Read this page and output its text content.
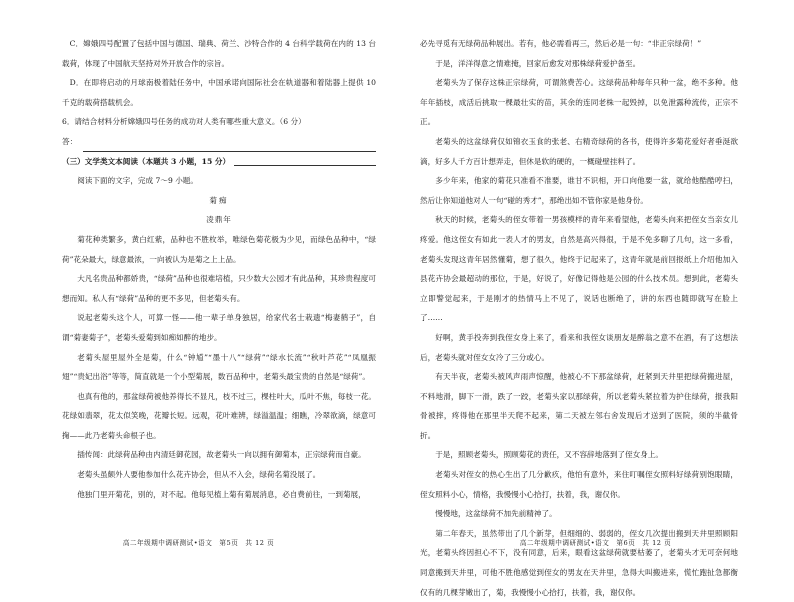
C．嫦娥四号配置了包括中国与德国、瑞典、荷兰、沙特合作的 4 台科学载荷在内的 13 台载荷，体现了中国航天坚持对外开放合作的宗旨。

D．在即将启动的月球南极着陆任务中，中国承诺向国际社会在轨道器和着陆器上提供 10 千克的载荷搭载机会。

6．请结合材料分析嫦娥四号任务的成功对人类有哪些重大意义。（6 分）

答：
（三）文学类文本阅读（本题共 3 小题，15 分）

阅读下面的文字，完成 7～9 小题。

菊痴

凌鼎年

菊花种类繁多，黄白红紫，品种也不胜枚举，唯绿色菊花极为少见，而绿色品种中，“绿荷”花朵最大，绿意最浓，一向被认为是菊之上上品。

大凡名贵品种都娇贵，“绿荷”品种也很难培植，只少数大公园才有此品种，其珍贵程度可想而知。私人有“绿荷”品种的更不多见，但老菊头有。

说起老菊头这个人，可算一怪——他一辈子单身独居，给家代名士栽遗“梅妻鹤子”，自谓“菊妻菊子”，老菊头爱菊到如痴如醉的地步。

老菊头屋里屋外全是菊，什么“钟馗”“墨十八”“绿荷”“绿水长流”“秋叶芦花”“凤凰振翅”“贵妃出浴”等等，简直就是一个小型菊展，数百品种中，老菊头最宝贵的自然是“绿荷”。

也真有他的，那盆绿荷被他养得长不显凡，枝不过三，棵柱叶大，瓜叶不焦，每枝一花。花绿如翡翠，花太似笑晚，花瓣长短。远观，花叶难辨，绿溢温温；细瞧，冷翠欲滴，绿意可掬——此乃老菊头命根子也。

插传闻：此绿荷品种由内清廷御花园，故老菊头一向以拥有御菊本，正宗绿荷而自豪。

老菊头虽颇外人要他参加什么花卉协会，但从不入会，绿荷名菊没展了。

他独门里开菊花，别的，对不起。他每见植上菊有菊展消息，必自费前往，一到菊展，

高二年级期中调研测试•语文　第5页　共 12 页

必先寻觅有无绿荷品种展出。若有，他必需看再三，然后必是一句：“非正宗绿荷！”

于是，洋洋得意之情难掩，回家后愈发对那株绿荷爱护备至。

老菊头为了保存这株正宗绿荷，可谓煞费苦心。这绿荷品种每年只种一盆，绝不多种。他年年插枝，成活后挑取一棵最壮实的苗，其余的连同老株一起毁掉，以免泄露种流传，正宗不正。

老菊头的这盆绿荷仅如锦衣玉食的张老、右精奇绿荷的各书，使得许多菊花爱好者垂涎欲滴，好多人千方百计想弄走，但休是软的硬的，一概碰壁挂料了。

多少年来，他家的菊花只准看不准要，谁甘不识相，开口向他要一盆，就给他酷酷哼扫，然后让你知道他对人一句“碰的秀才”，那绝出如不管你家是他身份。

秋天的时候，老菊头的侄女带着一男孩模样的青年来看望他，老菊头向来把侄女当亲女儿疼爱。他这侄女有如此一表人才的男友，自然是高兴得很，于是不免多聊了几句，这一多看，老菊头发现这青年居然懂菊，想了很久，他终于记起来了，这青年就是前回报纸上介绍他加入县花卉协会最超动的那位，于是，好说了，好像记得他是公园的什么技术员。想到此，老菊头立即警觉起来，于是刚才的热情马上不见了，说话也断绝了，讲的东西也随即就写在脸上了……

好啊，黄手投奔到我侄女身上来了，看来和我侄女谈朋友是醉翁之意不在酒，有了这想法后，老菊头就对侄女女冷了三分或心。

有天半夜，老菊头被风声雨声惊醒，他被心不下那盆绿荷，赶紧到天井里把绿荷搬进屋，不料地滑，脚下一滑，跌了一跤，老菊头家以那绿荷，所以老菊头紧拉着为护住绿荷，报我阳骨被摔，疼得他在那里半天爬不起来，第二天被左邻右舍发现后才送到了医院，须的半截骨折。

于是，照顾老菊头，照顾菊花的责任，又不容辞地落到了侄女身上。

老菊头对侄女的热心生出了几分歉疚，他怕有意外，来住叮嘱侄女照料好绿荷别饱眼睛，侄女照料小心，情格，我慢慢小心拾打，扶着，我，谢仅你。

慢慢地，这盆绿荷不加先前精神了。

第二年春天，虽然带出了几个新芽，但细细的、弱弱的，侄女几次提出搬到天井里照顾阳光，老菊头终因担心不下，没有同意，后来，眼看这盆绿荷就要枯萎了，老菊头才无可奈何地同意搬到天井里，可他不胜他感觉到侄女的男友在天井里，急得大叫搬进来，慌忙跑扯急都衡仅有的几棵芽嫩出了，菊，我慢慢小心拾打，扶着，我，谢仅你。

高二年级期中调研测试•语文　第6页　共 12 页
